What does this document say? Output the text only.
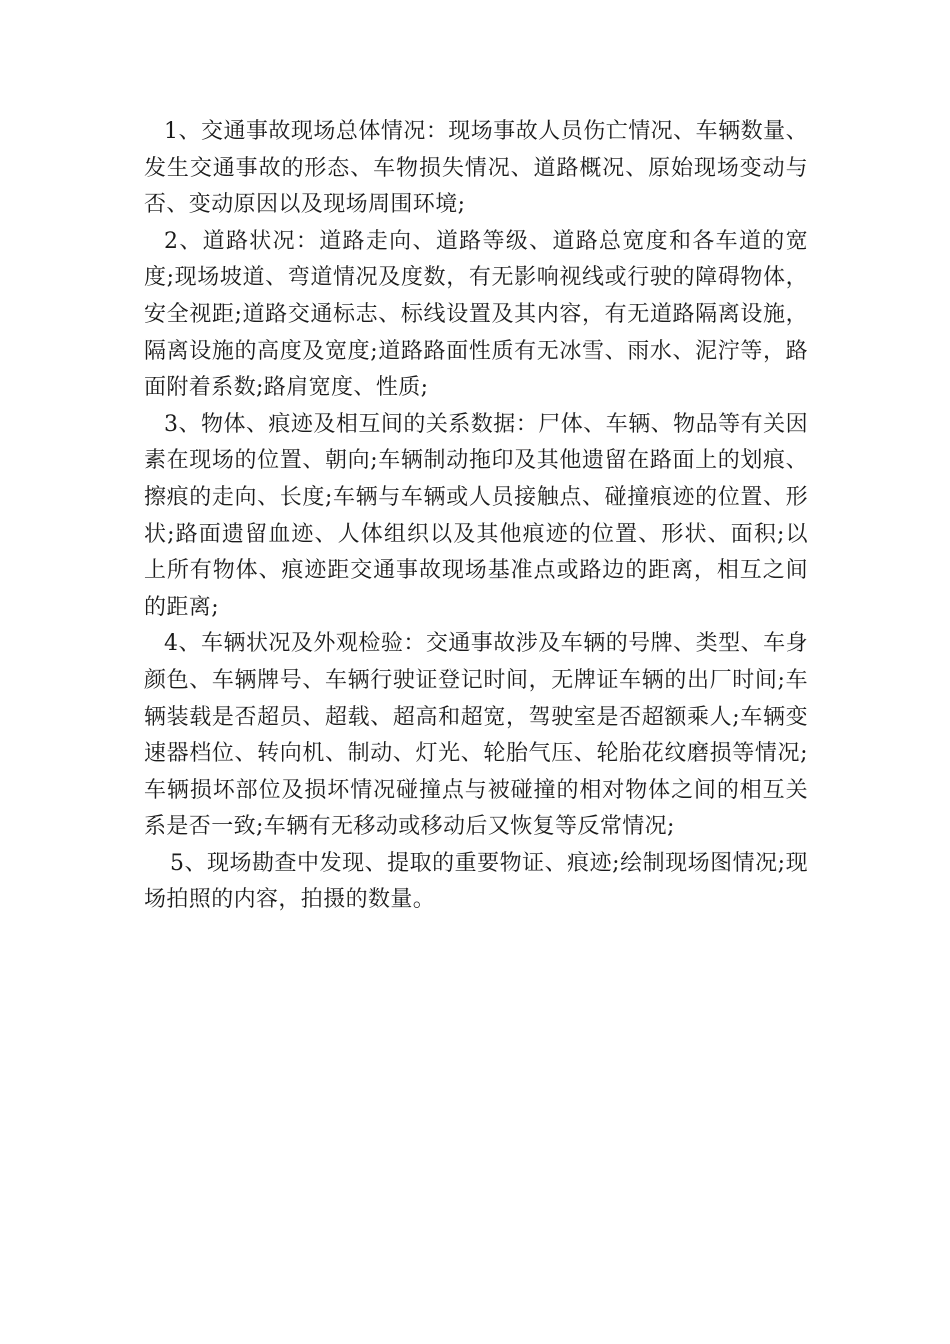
1、交通事故现场总体情况：现场事故人员伤亡情况、车辆数量、发生交通事故的形态、车物损失情况、道路概况、原始现场变动与否、变动原因以及现场周围环境;

2、道路状况：道路走向、道路等级、道路总宽度和各车道的宽度;现场坡道、弯道情况及度数，有无影响视线或行驶的障碍物体，安全视距;道路交通标志、标线设置及其内容，有无道路隔离设施，隔离设施的高度及宽度;道路路面性质有无冰雪、雨水、泥泞等，路面附着系数;路肩宽度、性质;

3、物体、痕迹及相互间的关系数据：尸体、车辆、物品等有关因素在现场的位置、朝向;车辆制动拖印及其他遗留在路面上的划痕、擦痕的走向、长度;车辆与车辆或人员接触点、碰撞痕迹的位置、形状;路面遗留血迹、人体组织以及其他痕迹的位置、形状、面积;以上所有物体、痕迹距交通事故现场基准点或路边的距离，相互之间的距离;

4、车辆状况及外观检验：交通事故涉及车辆的号牌、类型、车身颜色、车辆牌号、车辆行驶证登记时间，无牌证车辆的出厂时间;车辆装载是否超员、超载、超高和超宽，驾驶室是否超额乘人;车辆变速器档位、转向机、制动、灯光、轮胎气压、轮胎花纹磨损等情况;车辆损坏部位及损坏情况碰撞点与被碰撞的相对物体之间的相互关系是否一致;车辆有无移动或移动后又恢复等反常情况;

5、现场勘查中发现、提取的重要物证、痕迹;绘制现场图情况;现场拍照的内容，拍摄的数量。
